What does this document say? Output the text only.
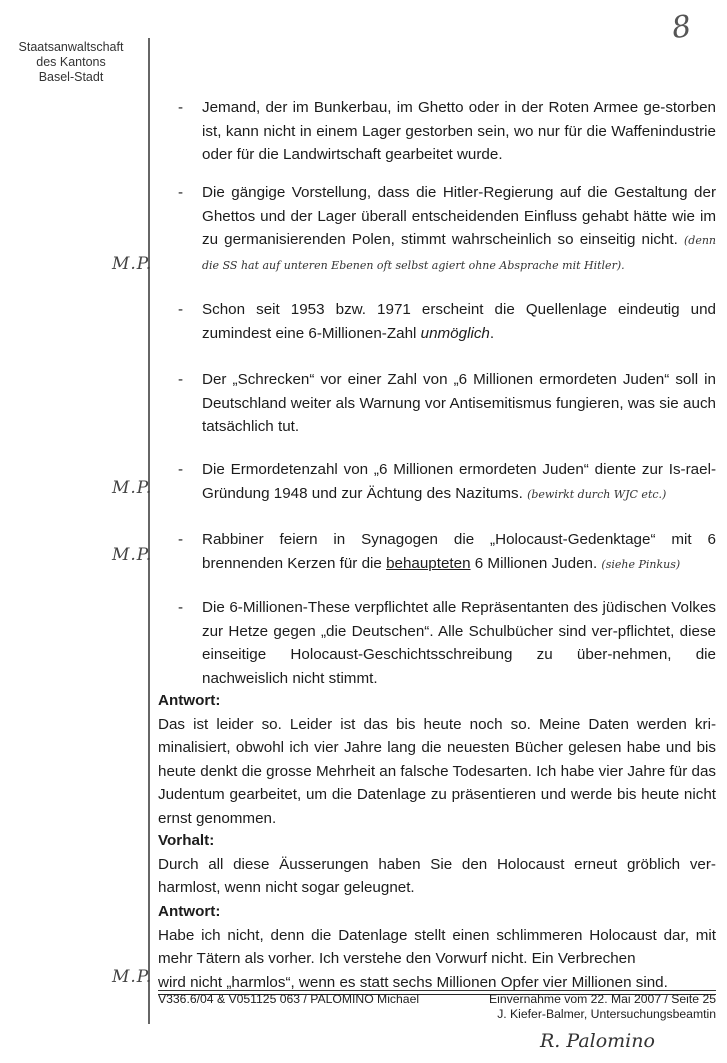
Staatsanwaltschaft
des Kantons
Basel-Stadt
8
M.P.
M.P.
M.P.
M.P.

- Jemand, der im Bunkerbau, im Ghetto oder in der Roten Armee ge-storben ist, kann nicht in einem Lager gestorben sein, wo nur für die Waffenindustrie oder für die Landwirtschaft gearbeitet wurde.

- Die gängige Vorstellung, dass die Hitler-Regierung auf die Gestaltung der Ghettos und der Lager überall entscheidenden Einfluss gehabt hätte wie im zu germanisierenden Polen, stimmt wahrscheinlich so einseitig nicht. (denn die SS hat auf unteren Ebenen oft selbst agiert ohne Absprache mit Hitler).

- Schon seit 1953 bzw. 1971 erscheint die Quellenlage eindeutig und zumindest eine 6-Millionen-Zahl unmöglich.

- Der „Schrecken“ vor einer Zahl von „6 Millionen ermordeten Juden“ soll in Deutschland weiter als Warnung vor Antisemitismus fungieren, was sie auch tatsächlich tut.

- Die Ermordetenzahl von „6 Millionen ermordeten Juden“ diente zur Is-rael-Gründung 1948 und zur Ächtung des Nazitums. (bewirkt durch WJC etc.)

- Rabbiner feiern in Synagogen die „Holocaust-Gedenktage“ mit 6 brennenden Kerzen für die behaupteten 6 Millionen Juden. (siehe Pinkus)

- Die 6-Millionen-These verpflichtet alle Repräsentanten des jüdischen Volkes zur Hetze gegen „die Deutschen“. Alle Schulbücher sind ver-pflichtet, diese einseitige Holocaust-Geschichtsschreibung zu über-nehmen, die nachweislich nicht stimmt.

Antwort:

Das ist leider so. Leider ist das bis heute noch so. Meine Daten werden kri-minalisiert, obwohl ich vier Jahre lang die neuesten Bücher gelesen habe und bis heute denkt die grosse Mehrheit an falsche Todesarten. Ich habe vier Jahre für das Judentum gearbeitet, um die Datenlage zu präsentieren und werde bis heute nicht ernst genommen.

Vorhalt:

Durch all diese Äusserungen haben Sie den Holocaust erneut gröblich ver-harmlost, wenn nicht sogar geleugnet.

Antwort:

Habe ich nicht, denn die Datenlage stellt einen schlimmeren Holocaust dar, mit mehr Tätern als vorher. Ich verstehe den Vorwurf nicht. Ein Verbrechen

wird nicht „harmlos“, wenn es statt sechs Millionen Opfer vier Millionen sind.

V336.6/04 & V051125 063 / PALOMINO Michael	Einvernahme vom 22. Mai 2007 / Seite 25
J. Kiefer-Balmer, Untersuchungsbeamtin
R. Palomino
